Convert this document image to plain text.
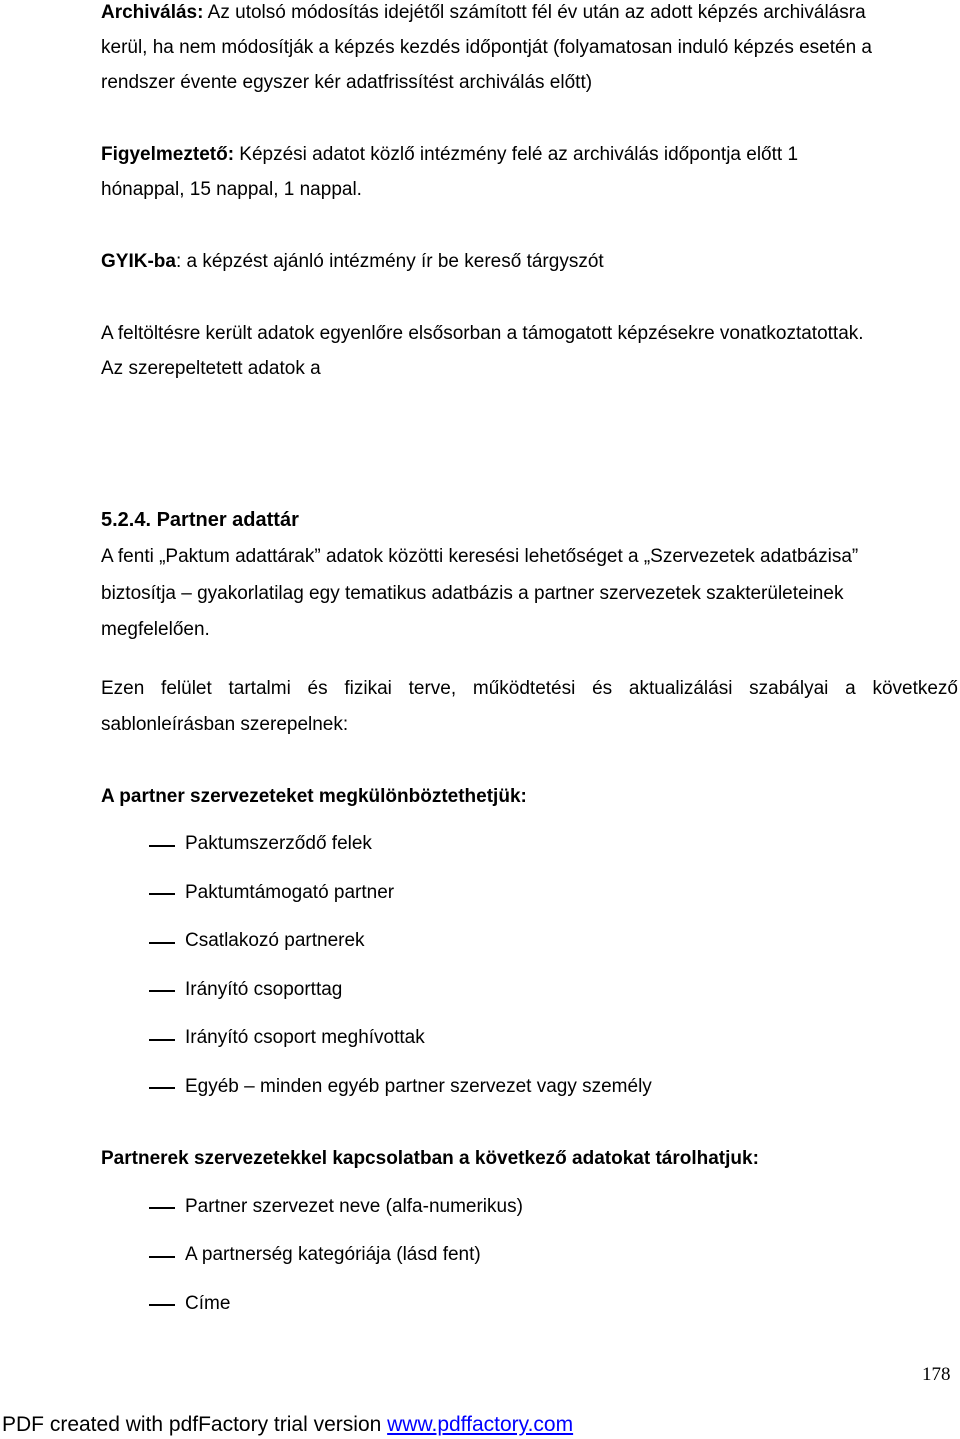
Archiválás: Az utolsó módosítás idejétől számított fél év után az adott képzés archiválásra
kerül, ha nem módosítják a képzés kezdés időpontját (folyamatosan induló képzés esetén a
rendszer évente egyszer kér adatfrissítést archiválás előtt)
Figyelmeztető: Képzési adatot közlő intézmény felé az archiválás időpontja előtt 1
hónappal, 15 nappal, 1 nappal.
GYIK-ba: a képzést ajánló intézmény ír be kereső tárgyszót
A feltöltésre került adatok egyenlőre elsősorban a támogatott képzésekre vonatkoztatottak.
Az szerepeltetett adatok a
5.2.4. Partner adattár
A fenti „Paktum adattárak” adatok közötti keresési lehetőséget a „Szervezetek adatbázisa”
biztosítja – gyakorlatilag egy tematikus adatbázis a partner szervezetek szakterületeinek
megfelelően.
Ezen felület tartalmi és fizikai terve, működtetési és aktualizálási szabályai a következő
sablonleírásban szerepelnek:
A partner szervezeteket megkülönböztethetjük:
Paktumszerződő felek
Paktumtámogató partner
Csatlakozó partnerek
Irányító csoporttag
Irányító csoport meghívottak
Egyéb – minden egyéb partner szervezet vagy személy
Partnerek szervezetekkel kapcsolatban a következő adatokat tárolhatjuk:
Partner szervezet neve (alfa-numerikus)
A partnerség kategóriája (lásd fent)
Címe
178
PDF created with pdfFactory trial version www.pdffactory.com
